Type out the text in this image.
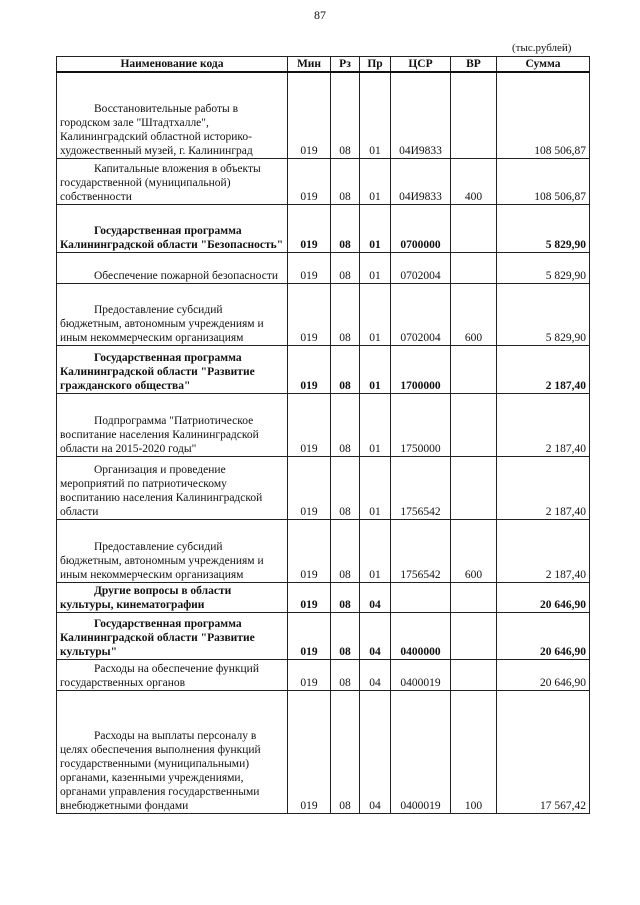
87
(тыс.рублей)
Наименование кода	Мин	Рз	Пр	ЦСР	ВР	Сумма

Восстановительные работы в городском зале "Штадтхалле", Калининградский областной историко-художественный музей, г. Калининград	019	08	01	04И9833		108 506,87

Капитальные вложения в объекты государственной (муниципальной) собственности	019	08	01	04И9833	400	108 506,87

Государственная программа Калининградской области "Безопасность"	019	08	01	0700000		5 829,90

Обеспечение пожарной безопасности	019	08	01	0702004		5 829,90

Предоставление субсидий бюджетным, автономным учреждениям и иным некоммерческим организациям	019	08	01	0702004	600	5 829,90

Государственная программа Калининградской области "Развитие гражданского общества"	019	08	01	1700000		2 187,40

Подпрограмма "Патриотическое воспитание населения Калининградской области на 2015-2020 годы"	019	08	01	1750000		2 187,40

Организация и проведение мероприятий по патриотическому воспитанию населения Калининградской области	019	08	01	1756542		2 187,40

Предоставление субсидий бюджетным, автономным учреждениям и иным некоммерческим организациям	019	08	01	1756542	600	2 187,40

Другие вопросы в области культуры, кинематографии	019	08	04			20 646,90

Государственная программа Калининградской области "Развитие культуры"	019	08	04	0400000		20 646,90

Расходы на обеспечение функций государственных органов	019	08	04	0400019		20 646,90

Расходы на выплаты персоналу в целях обеспечения выполнения функций государственными (муниципальными) органами, казенными учреждениями, органами управления государственными внебюджетными фондами	019	08	04	0400019	100	17 567,42
